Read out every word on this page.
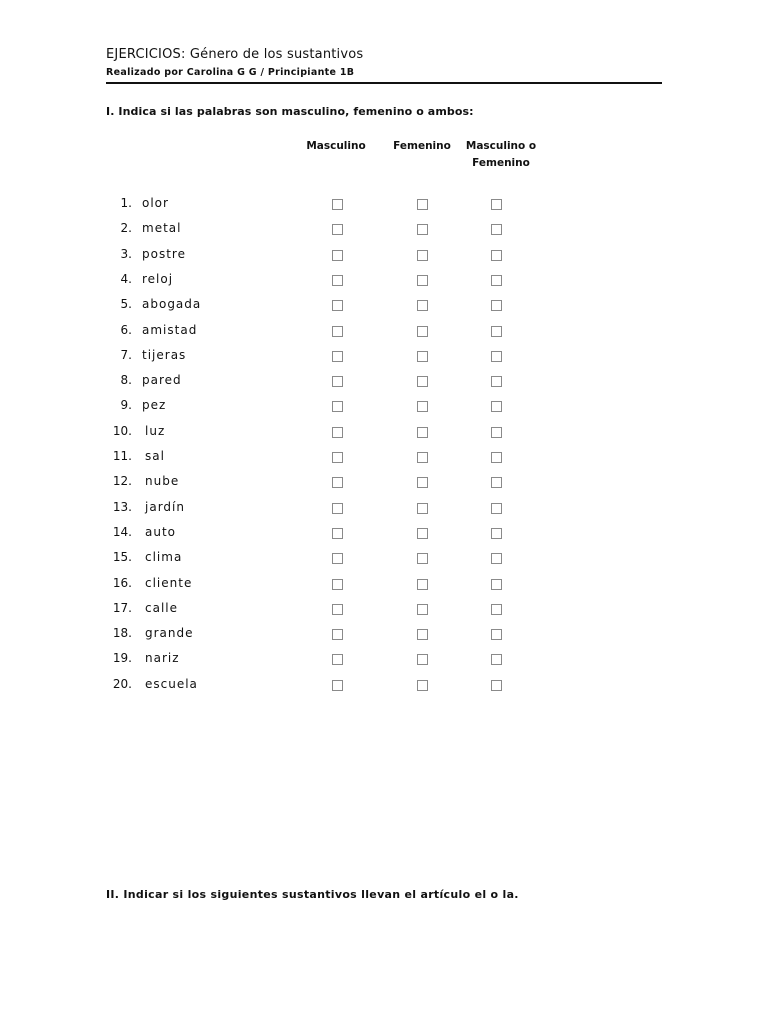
EJERCICIOS: Género de los sustantivos
Realizado por Carolina G G / Principiante 1B
I. Indica si las palabras son masculino, femenino o ambos:
Masculino	Femenino	Masculino o
Femenino
1. olor
2. metal
3. postre
4. reloj
5. abogada
6. amistad
7. tijeras
8. pared
9. pez
10. luz
11. sal
12. nube
13. jardín
14. auto
15. clima
16. cliente
17. calle
18. grande
19. nariz
20. escuela
II. Indicar si los siguientes sustantivos llevan el artículo el o la.
